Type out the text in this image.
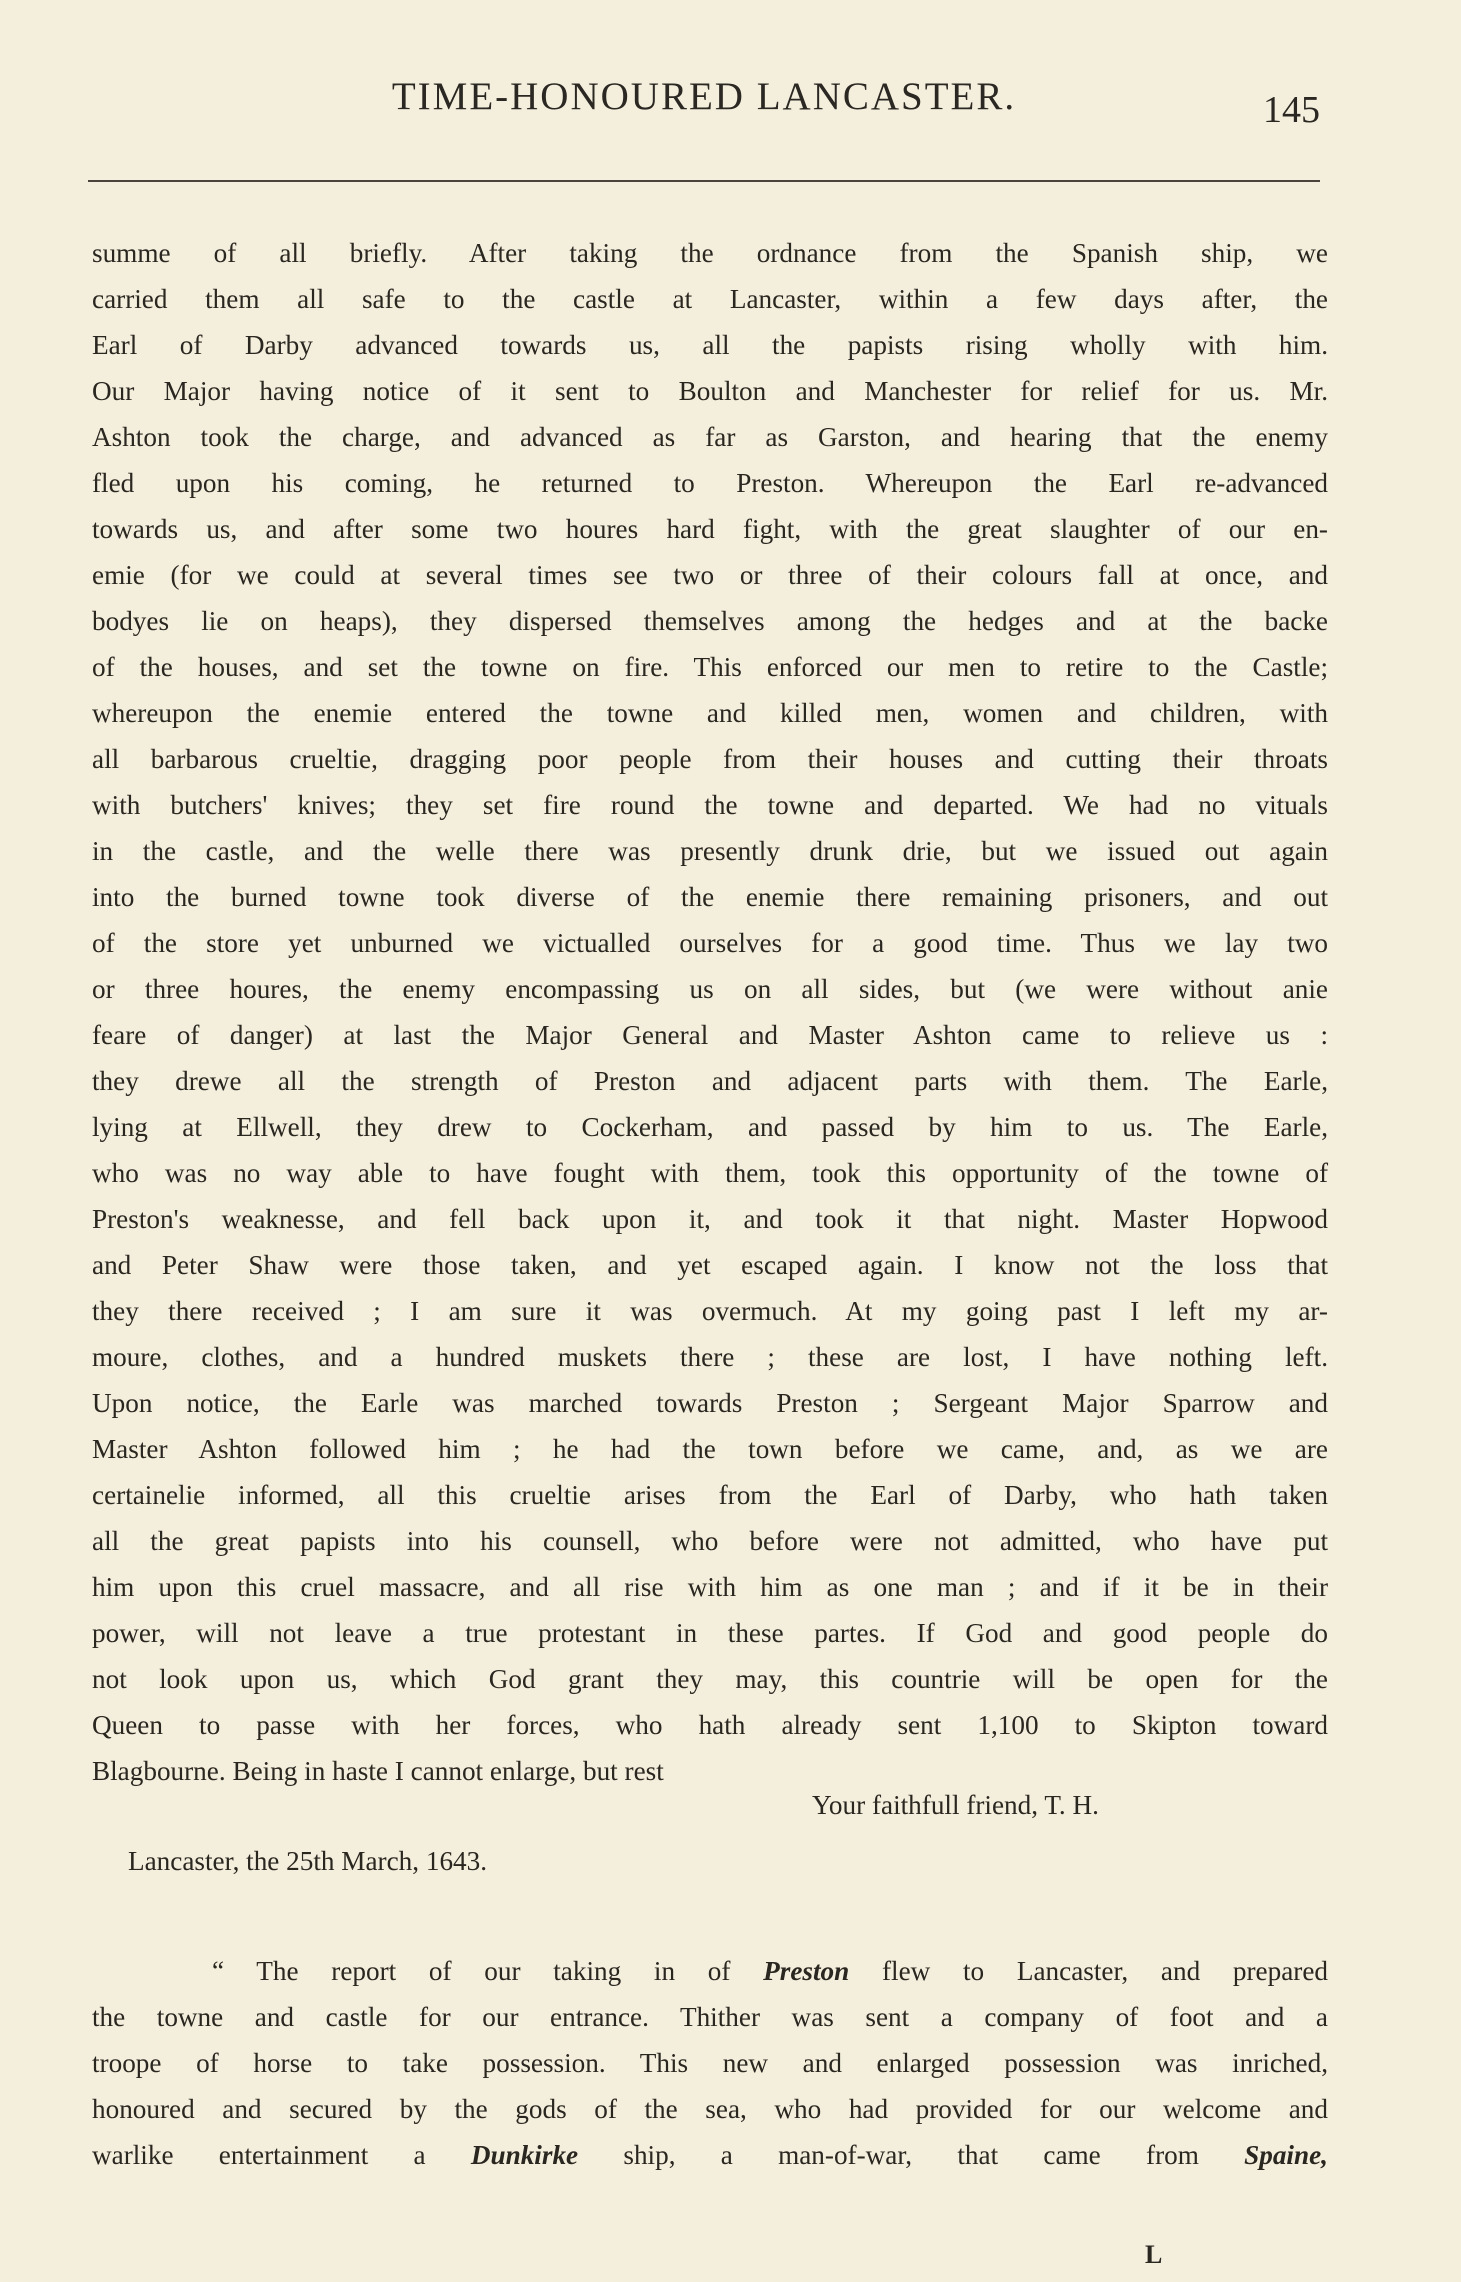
TIME-HONOURED LANCASTER.	145
summe of all briefly. After taking the ordnance from the Spanish ship, we
carried them all safe to the castle at Lancaster, within a few days after, the
Earl of Darby advanced towards us, all the papists rising wholly with him.
Our Major having notice of it sent to Boulton and Manchester for relief for us. Mr.
Ashton took the charge, and advanced as far as Garston, and hearing that the enemy
fled upon his coming, he returned to Preston. Whereupon the Earl re-advanced
towards us, and after some two houres hard fight, with the great slaughter of our en-
emie (for we could at several times see two or three of their colours fall at once, and
bodyes lie on heaps), they dispersed themselves among the hedges and at the backe
of the houses, and set the towne on fire. This enforced our men to retire to the Castle;
whereupon the enemie entered the towne and killed men, women and children, with
all barbarous crueltie, dragging poor people from their houses and cutting their throats
with butchers' knives; they set fire round the towne and departed. We had no vituals
in the castle, and the welle there was presently drunk drie, but we issued out again
into the burned towne took diverse of the enemie there remaining prisoners, and out
of the store yet unburned we victualled ourselves for a good time. Thus we lay two
or three houres, the enemy encompassing us on all sides, but (we were without anie
feare of danger) at last the Major General and Master Ashton came to relieve us :
they drewe all the strength of Preston and adjacent parts with them. The Earle,
lying at Ellwell, they drew to Cockerham, and passed by him to us. The Earle,
who was no way able to have fought with them, took this opportunity of the towne of
Preston's weaknesse, and fell back upon it, and took it that night. Master Hopwood
and Peter Shaw were those taken, and yet escaped again. I know not the loss that
they there received ; I am sure it was overmuch. At my going past I left my ar-
moure, clothes, and a hundred muskets there ; these are lost, I have nothing left.
Upon notice, the Earle was marched towards Preston ; Sergeant Major Sparrow and
Master Ashton followed him ; he had the town before we came, and, as we are
certainelie informed, all this crueltie arises from the Earl of Darby, who hath taken
all the great papists into his counsell, who before were not admitted, who have put
him upon this cruel massacre, and all rise with him as one man ; and if it be in their
power, will not leave a true protestant in these partes. If God and good people do
not look upon us, which God grant they may, this countrie will be open for the
Queen to passe with her forces, who hath already sent 1,100 to Skipton toward
Blagbourne. Being in haste I cannot enlarge, but rest
Your faithfull friend, T. H.
Lancaster, the 25th March, 1643.
“ The report of our taking in of Preston flew to Lancaster, and prepared
the towne and castle for our entrance. Thither was sent a company of foot and a
troope of horse to take possession. This new and enlarged possession was inriched,
honoured and secured by the gods of the sea, who had provided for our welcome and
warlike entertainment a Dunkirke ship, a man-of-war, that came from Spaine,
L
